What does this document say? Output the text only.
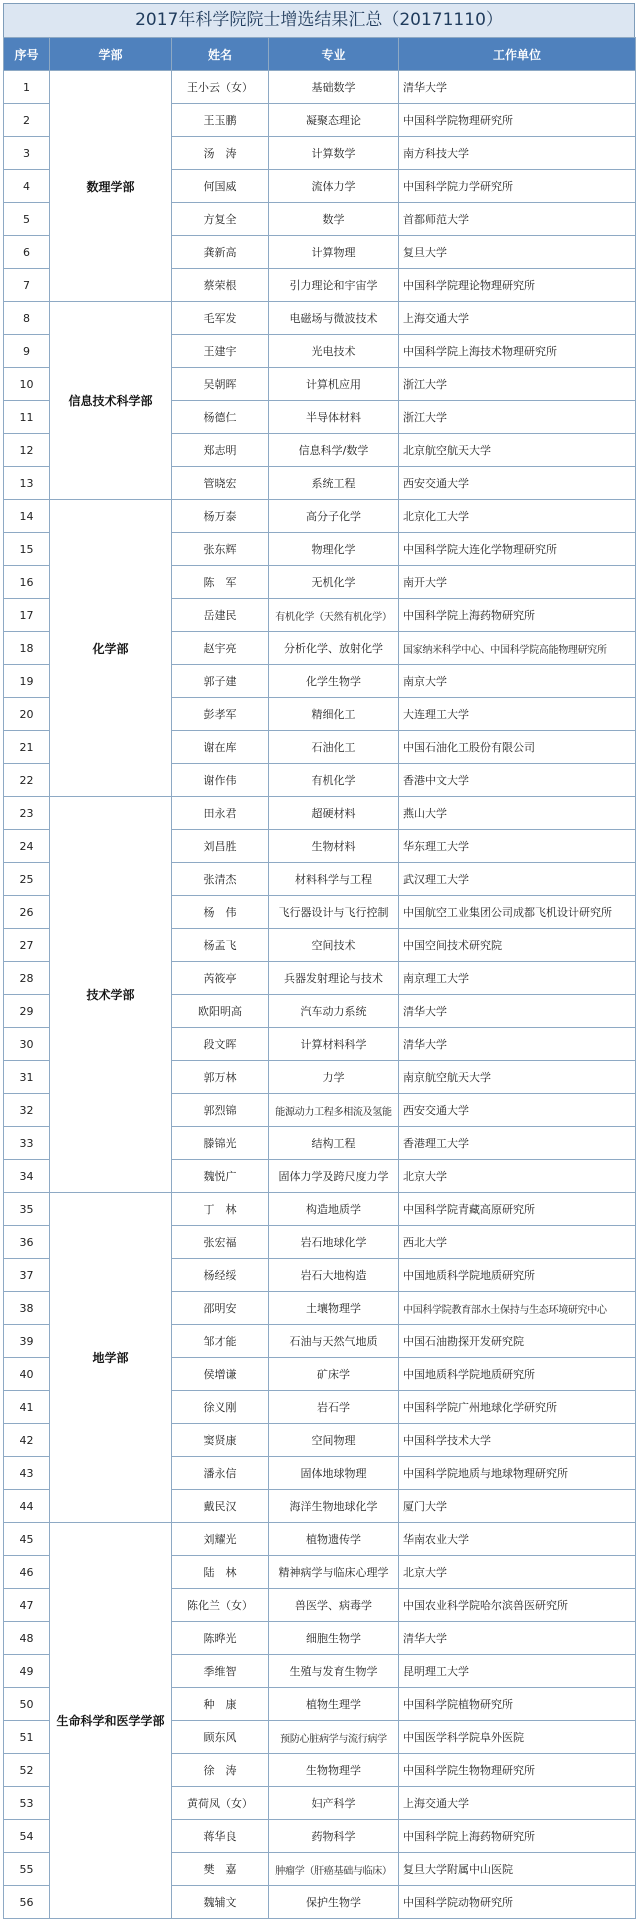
2017年科学院院士增选结果汇总（20171110）
序号	学部	姓名	专业	工作单位
1	数理学部	王小云（女）	基础数学	清华大学
2		王玉鹏	凝聚态理论	中国科学院物理研究所
3		汤　涛	计算数学	南方科技大学
4		何国威	流体力学	中国科学院力学研究所
5		方复全	数学	首都师范大学
6		龚新高	计算物理	复旦大学
7		蔡荣根	引力理论和宇宙学	中国科学院理论物理研究所
8	信息技术科学部	毛军发	电磁场与微波技术	上海交通大学
9		王建宇	光电技术	中国科学院上海技术物理研究所
10		吴朝晖	计算机应用	浙江大学
11		杨德仁	半导体材料	浙江大学
12		郑志明	信息科学/数学	北京航空航天大学
13		管晓宏	系统工程	西安交通大学
14	化学部	杨万泰	高分子化学	北京化工大学
15		张东辉	物理化学	中国科学院大连化学物理研究所
16		陈　军	无机化学	南开大学
17		岳建民	有机化学（天然有机化学）	中国科学院上海药物研究所
18		赵宇亮	分析化学、放射化学	国家纳米科学中心、中国科学院高能物理研究所
19		郭子建	化学生物学	南京大学
20		彭孝军	精细化工	大连理工大学
21		谢在库	石油化工	中国石油化工股份有限公司
22		谢作伟	有机化学	香港中文大学
23	技术学部	田永君	超硬材料	燕山大学
24		刘昌胜	生物材料	华东理工大学
25		张清杰	材料科学与工程	武汉理工大学
26		杨　伟	飞行器设计与飞行控制	中国航空工业集团公司成都飞机设计研究所
27		杨孟飞	空间技术	中国空间技术研究院
28		芮筱亭	兵器发射理论与技术	南京理工大学
29		欧阳明高	汽车动力系统	清华大学
30		段文晖	计算材料科学	清华大学
31		郭万林	力学	南京航空航天大学
32		郭烈锦	能源动力工程多相流及氢能	西安交通大学
33		滕锦光	结构工程	香港理工大学
34		魏悦广	固体力学及跨尺度力学	北京大学
35	地学部	丁　林	构造地质学	中国科学院青藏高原研究所
36		张宏福	岩石地球化学	西北大学
37		杨经绥	岩石大地构造	中国地质科学院地质研究所
38		邵明安	土壤物理学	中国科学院教育部水土保持与生态环境研究中心
39		邹才能	石油与天然气地质	中国石油勘探开发研究院
40		侯增谦	矿床学	中国地质科学院地质研究所
41		徐义刚	岩石学	中国科学院广州地球化学研究所
42		窦贤康	空间物理	中国科学技术大学
43		潘永信	固体地球物理	中国科学院地质与地球物理研究所
44		戴民汉	海洋生物地球化学	厦门大学
45	生命科学和医学学部	刘耀光	植物遗传学	华南农业大学
46		陆　林	精神病学与临床心理学	北京大学
47		陈化兰（女）	兽医学、病毒学	中国农业科学院哈尔滨兽医研究所
48		陈晔光	细胞生物学	清华大学
49		季维智	生殖与发育生物学	昆明理工大学
50		种　康	植物生理学	中国科学院植物研究所
51		顾东风	预防心脏病学与流行病学	中国医学科学院阜外医院
52		徐　涛	生物物理学	中国科学院生物物理研究所
53		黄荷凤（女）	妇产科学	上海交通大学
54		蒋华良	药物科学	中国科学院上海药物研究所
55		樊　嘉	肿瘤学（肝癌基础与临床）	复旦大学附属中山医院
56		魏辅文	保护生物学	中国科学院动物研究所
